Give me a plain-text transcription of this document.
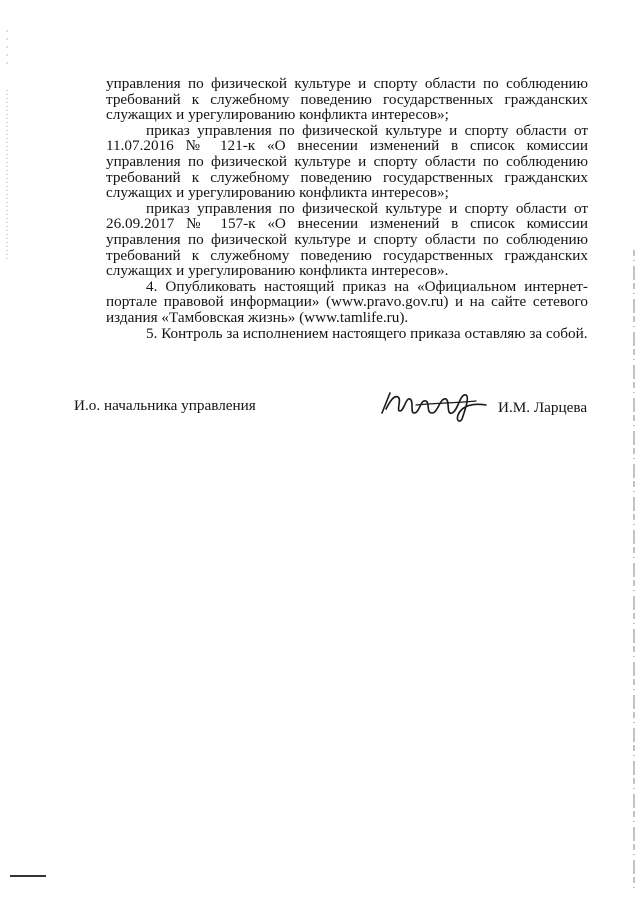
управления по физической культуре и спорту области по соблюдению требований к служебному поведению государственных гражданских служащих и урегулированию конфликта интересов»;

приказ управления по физической культуре и спорту области от 11.07.2016 № 121-к «О внесении изменений в список комиссии управления по физической культуре и спорту области по соблюдению требований к служебному поведению государственных гражданских служащих и урегулированию конфликта интересов»;

приказ управления по физической культуре и спорту области от 26.09.2017 № 157-к «О внесении изменений в список комиссии управления по физической культуре и спорту области по соблюдению требований к служебному поведению государственных гражданских служащих и урегулированию конфликта интересов».

4. Опубликовать настоящий приказ на «Официальном интернет-портале правовой информации» (www.pravo.gov.ru) и на сайте сетевого издания «Тамбовская жизнь» (www.tamlife.ru).

5. Контроль за исполнением настоящего приказа оставляю за собой.

И.о. начальника управления	И.М. Ларцева
